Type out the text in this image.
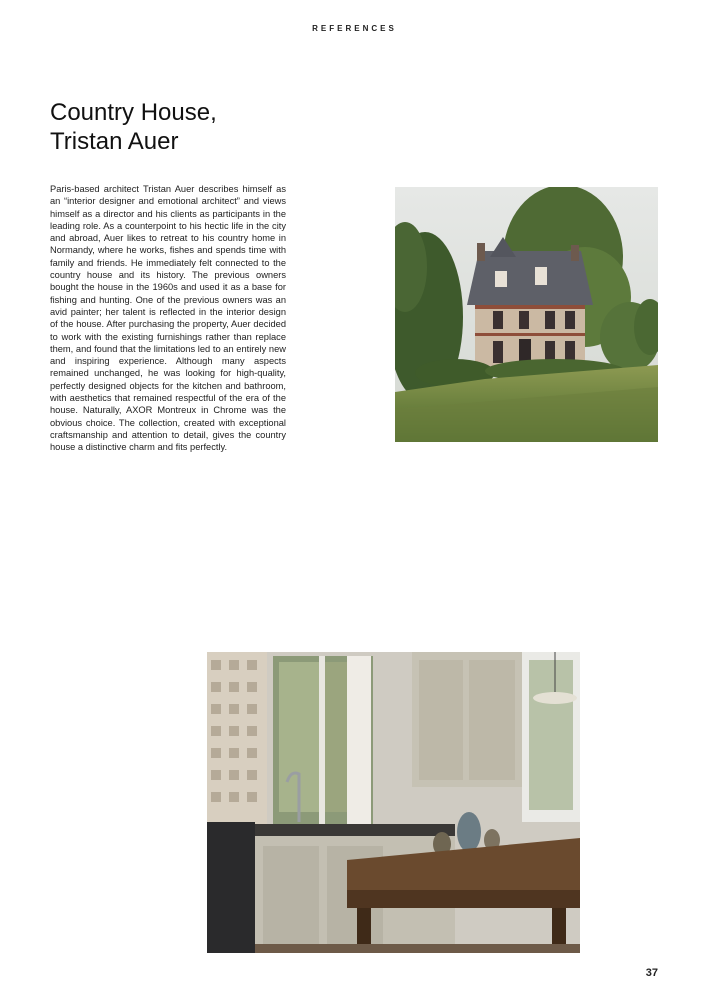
REFERENCES
Country House,
Tristan Auer

Paris-based architect Tristan Auer describes himself as an “interior designer and emotional architect” and views himself as a director and his clients as participants in the leading role. As a counterpoint to his hectic life in the city and abroad, Auer likes to retreat to his country home in Normandy, where he works, fishes and spends time with family and friends. He immediately felt connected to the country house and its history. The previous owners bought the house in the 1960s and used it as a base for fishing and hunting. One of the previous owners was an avid painter; her talent is reflected in the interior design of the house. After purchasing the property, Auer decided to work with the existing furnishings rather than replace them, and found that the limitations led to an entirely new and inspiring experience. Although many aspects remained unchanged, he was looking for high-quality, perfectly designed objects for the kitchen and bathroom, with aesthetics that remained respectful of the era of the house. Naturally, AXOR Montreux in Chrome was the obvious choice. The collection, created with exceptional craftsmanship and attention to detail, gives the country house a distinctive charm and fits perfectly.

37
